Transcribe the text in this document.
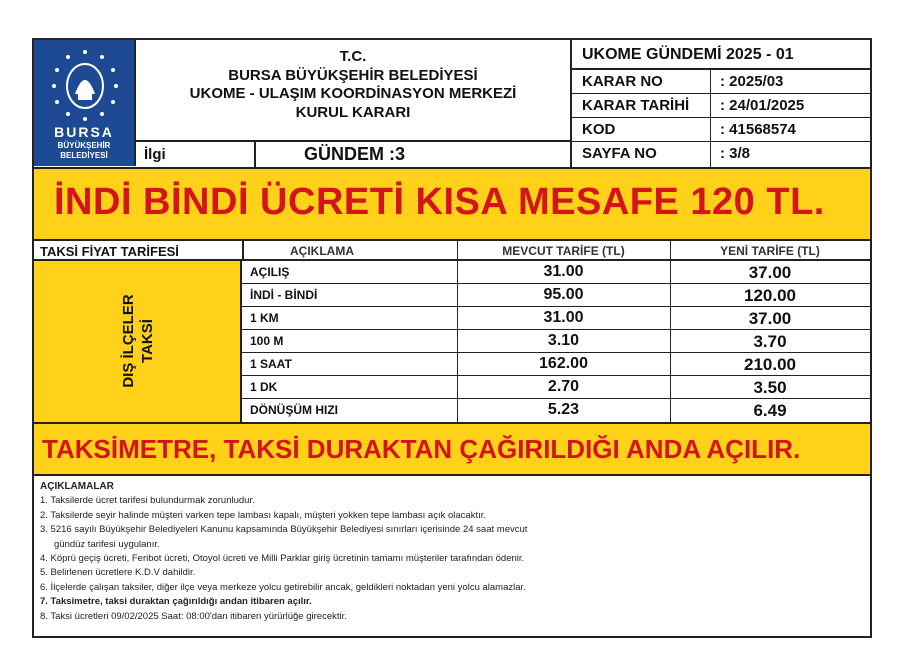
BURSA
BÜYÜKŞEHİR
BELEDİYESİ
T.C.
BURSA BÜYÜKŞEHİR BELEDİYESİ
UKOME - ULAŞIM KOORDİNASYON MERKEZİ
KURUL KARARI
İlgi	GÜNDEM :3
UKOME GÜNDEMİ 2025 - 01
KARAR NO	: 2025/03
KARAR TARİHİ : 24/01/2025
KOD	: 41568574
SAYFA NO	: 3/8
İNDİ BİNDİ ÜCRETİ KISA MESAFE 120 TL.
TAKSİ FİYAT TARİFESİ	AÇIKLAMA	MEVCUT TARİFE (TL)	YENİ TARİFE (TL)
DIŞ İLÇELER TAKSİ
AÇILIŞ	31.00	37.00
İNDİ - BİNDİ	95.00	120.00
1 KM	31.00	37.00
100 M	3.10	3.70
1 SAAT	162.00	210.00
1 DK	2.70	3.50
DÖNÜŞÜM HIZI	5.23	6.49
TAKSİMETRE, TAKSİ DURAKTAN ÇAĞIRILDIĞI ANDA AÇILIR.
AÇIKLAMALAR
1. Taksilerde ücret tarifesi bulundurmak zorunludur.
2. Taksilerde seyir halinde müşteri varken tepe lambası kapalı, müşteri yokken tepe lambası açık olacaktır.
3. 5216 sayılı Büyükşehir Belediyeleri Kanunu kapsamında Büyükşehir Belediyesi sınırları içerisinde 24 saat mevcut
gündüz tarifesi uygulanır.
4. Köprü geçiş ücreti, Feribot ücreti, Otoyol ücreti ve Milli Parklar giriş ücretinin tamamı müşteriler tarafından ödenir.
5. Belirlenen ücretlere K.D.V dahildir.
6. İlçelerde çalışan taksiler, diğer ilçe veya merkeze yolcu getirebilir ancak, geldikleri noktadan yeni yolcu alamazlar.
7. Taksimetre, taksi duraktan çağırıldığı andan itibaren açılır.
8. Taksi ücretleri 09/02/2025 Saat: 08:00'dan itibaren yürürlüğe girecektir.
